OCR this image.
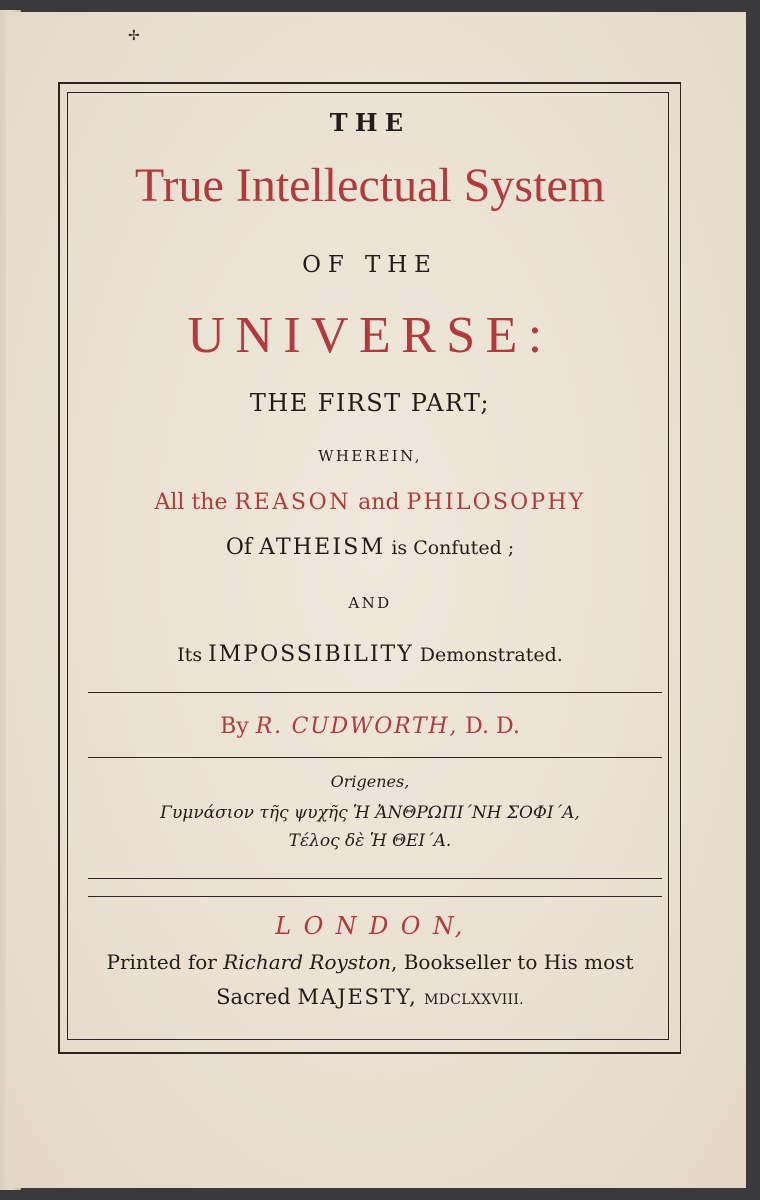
✢
THE
True Intellectual System
OF THE
UNIVERSE:
THE FIRST PART;
WHEREIN,
All the REASON and PHILOSOPHY
Of ATHEISM is Confuted ;
AND
Its IMPOSSIBILITY Demonstrated.
By R. CUDWORTH, D. D.
Origenes,
Γυμνάσιον τῆς ψυχῆς Ἡ ἈΝΘΡΩΠΙ΄ΝΗ ΣΟΦΙ΄Α,
Τέλος δὲ Ἡ ΘΕΙ΄Α.
L O N D O N,
Printed for Richard Royston, Bookseller to His most
Sacred MAJESTY, MDCLXXVIII.
